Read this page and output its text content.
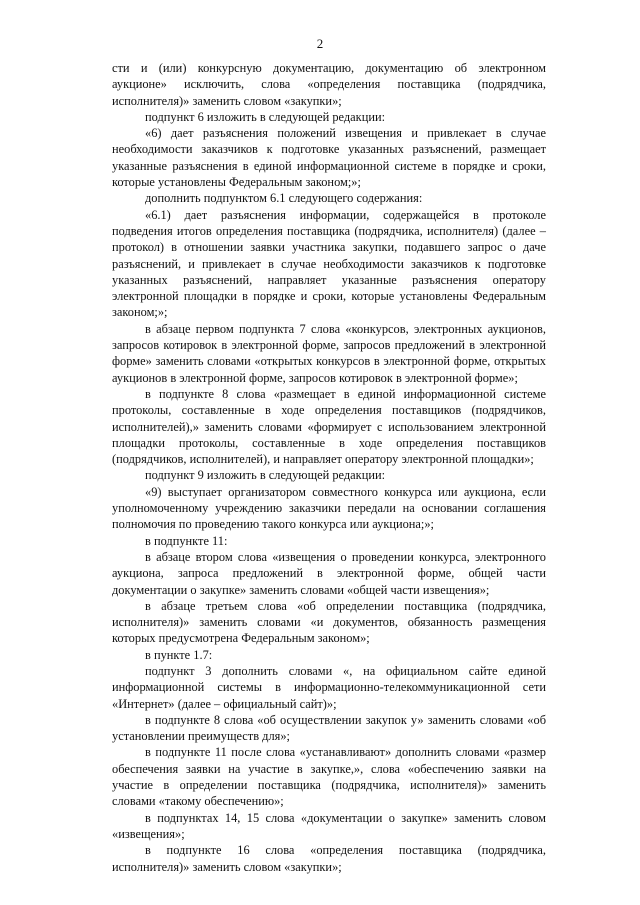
2

сти и (или) конкурсную документацию, документацию об электронном аукционе» исключить, слова «определения поставщика (подрядчика, исполнителя)» заменить словом «закупки»;

подпункт 6 изложить в следующей редакции:

«6) дает разъяснения положений извещения и привлекает в случае необходимости заказчиков к подготовке указанных разъяснений, размещает указанные разъяснения в единой информационной системе в порядке и сроки, которые установлены Федеральным законом;»;

дополнить подпунктом 6.1 следующего содержания:

«6.1) дает разъяснения информации, содержащейся в протоколе подведения итогов определения поставщика (подрядчика, исполнителя) (далее – протокол) в отношении заявки участника закупки, подавшего запрос о даче разъяснений, и привлекает в случае необходимости заказчиков к подготовке указанных разъяснений, направляет указанные разъяснения оператору электронной площадки в порядке и сроки, которые установлены Федеральным законом;»;

в абзаце первом подпункта 7 слова «конкурсов, электронных аукционов, запросов котировок в электронной форме, запросов предложений в электронной форме» заменить словами «открытых конкурсов в электронной форме, открытых аукционов в электронной форме, запросов котировок в электронной форме»;

в подпункте 8 слова «размещает в единой информационной системе протоколы, составленные в ходе определения поставщиков (подрядчиков, исполнителей),» заменить словами «формирует с использованием электронной площадки протоколы, составленные в ходе определения поставщиков (подрядчиков, исполнителей), и направляет оператору электронной площадки»;

подпункт 9 изложить в следующей редакции:

«9) выступает организатором совместного конкурса или аукциона, если уполномоченному учреждению заказчики передали на основании соглашения полномочия по проведению такого конкурса или аукциона;»;

в подпункте 11:

в абзаце втором слова «извещения о проведении конкурса, электронного аукциона, запроса предложений в электронной форме, общей части документации о закупке» заменить словами «общей части извещения»;

в абзаце третьем слова «об определении поставщика (подрядчика, исполнителя)» заменить словами «и документов, обязанность размещения которых предусмотрена Федеральным законом»;

в пункте 1.7:

подпункт 3 дополнить словами «, на официальном сайте единой информационной системы в информационно-телекоммуникационной сети «Интернет» (далее – официальный сайт)»;

в подпункте 8 слова «об осуществлении закупок у» заменить словами «об установлении преимуществ для»;

в подпункте 11 после слова «устанавливают» дополнить словами «размер обеспечения заявки на участие в закупке,», слова «обеспечению заявки на участие в определении поставщика (подрядчика, исполнителя)» заменить словами «такому обеспечению»;

в подпунктах 14, 15 слова «документации о закупке» заменить словом «извещения»;

в подпункте 16 слова «определения поставщика (подрядчика, исполнителя)» заменить словом «закупки»;
